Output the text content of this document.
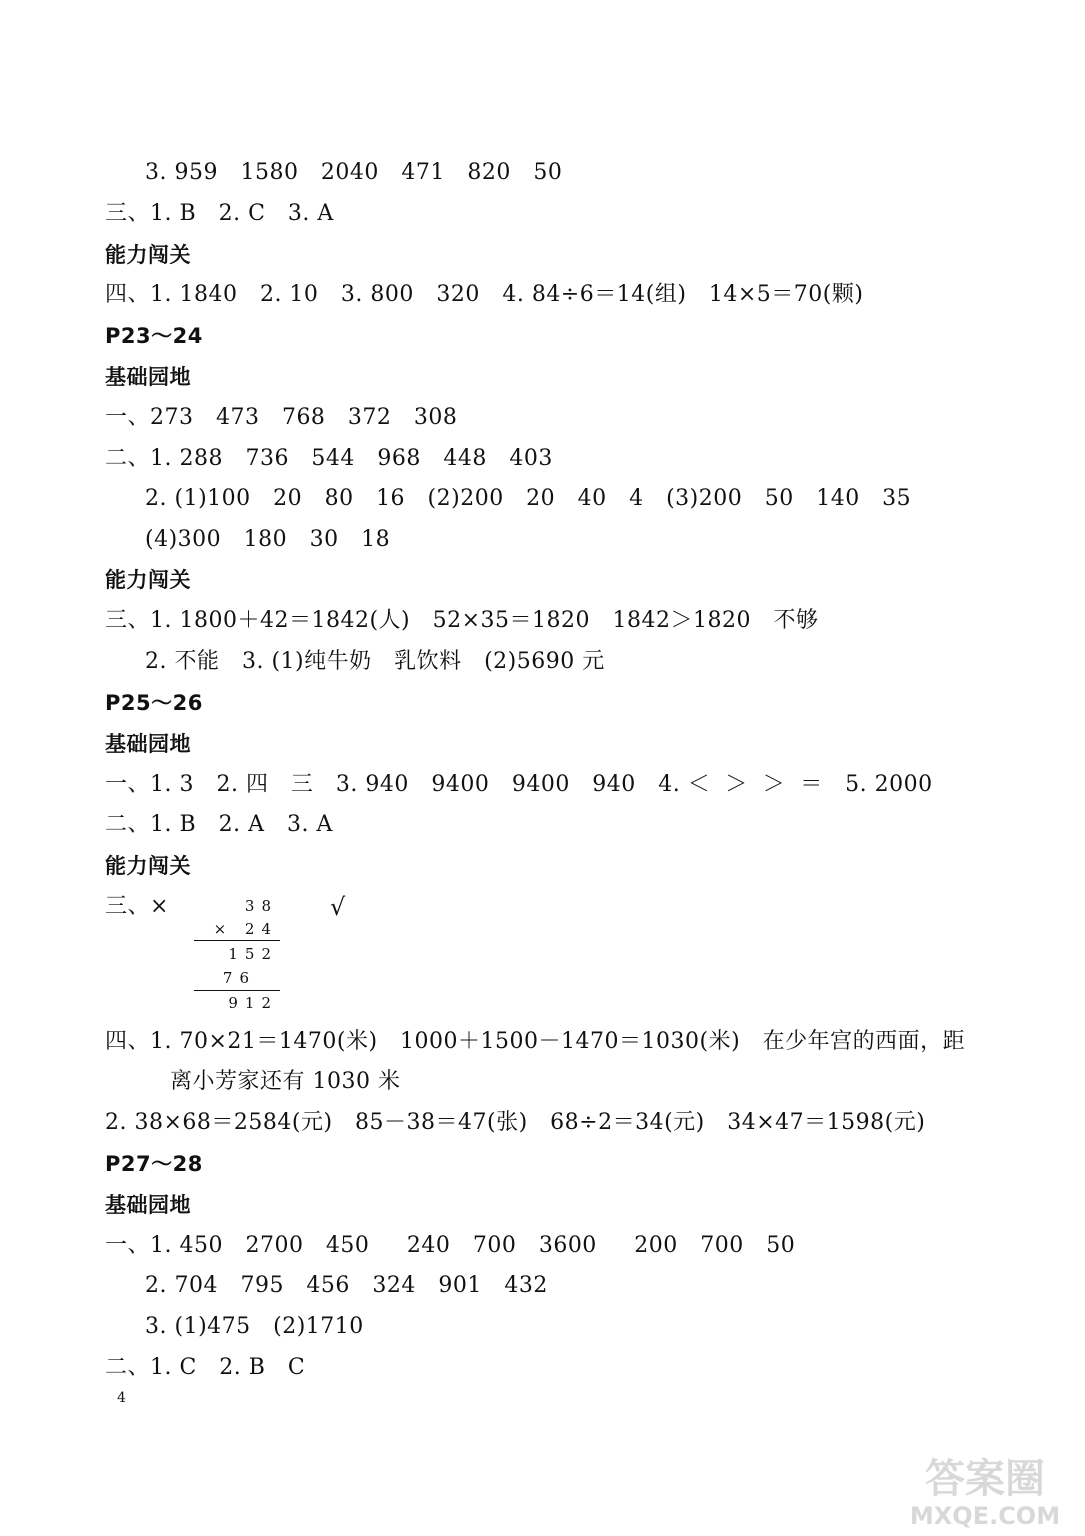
3. 959   1580   2040   471   820   50
三、1. B   2. C   3. A
能力闯关
四、1. 1840   2. 10   3. 800   320   4. 84÷6＝14(组)   14×5＝70(颗)
P23～24
基础园地
一、273   473   768   372   308
二、1. 288   736   544   968   448   403
2. (1)100   20   80   16   (2)200   20   40   4   (3)200   50   140   35
(4)300   180   30   18
能力闯关
三、1. 1800＋42＝1842(人)   52×35＝1820   1842＞1820   不够
2. 不能   3. (1)纯牛奶   乳饮料   (2)5690 元
P25～26
基础园地
一、1. 3   2. 四   三   3. 940   9400   9400   940   4. ＜  ＞  ＞  ＝   5. 2000
二、1. B   2. A   3. A
能力闯关
三、×	38
× 24
152
76
912
√
四、1. 70×21＝1470(米)   1000＋1500－1470＝1030(米)   在少年宫的西面，距
离小芳家还有 1030 米
2. 38×68＝2584(元)   85－38＝47(张)   68÷2＝34(元)   34×47＝1598(元)
P27～28
基础园地
一、1. 450   2700   450     240   700   3600     200   700   50
2. 704   795   456   324   901   432
3. (1)475   (2)1710
二、1. C   2. B   C
4
答案圈
MXQE.COM
